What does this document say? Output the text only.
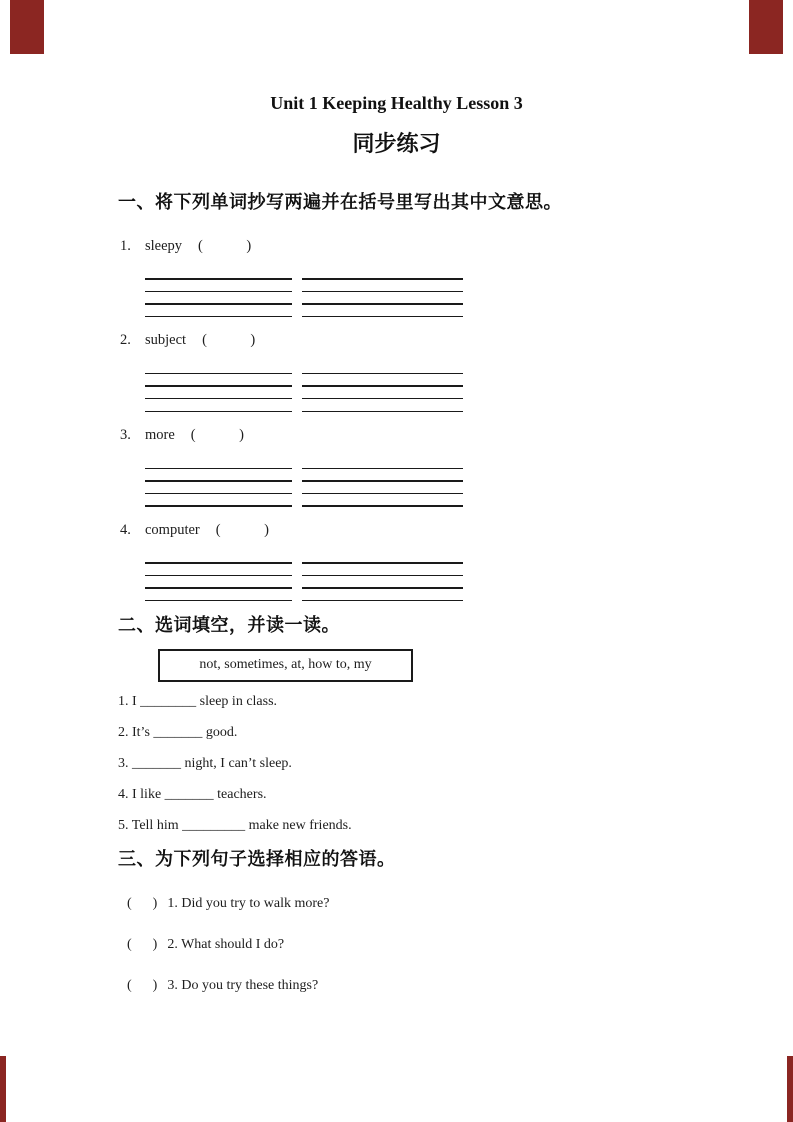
Unit 1 Keeping Healthy Lesson 3
同步练习
一、将下列单词抄写两遍并在括号里写出其中文意思。
1. sleepy (            )
2. subject (            )
3. more (            )
4. computer (            )
二、选词填空，并读一读。
not, sometimes, at, how to, my

1. I ________ sleep in class.

2. It’s _______ good.

3. _______ night, I can’t sleep.

4. I like _______ teachers.

5. Tell him _________ make new friends.

三、为下列句子选择相应的答语。

(      ) 1. Did you try to walk more?

(      ) 2. What should I do?

(      ) 3. Do you try these things?
